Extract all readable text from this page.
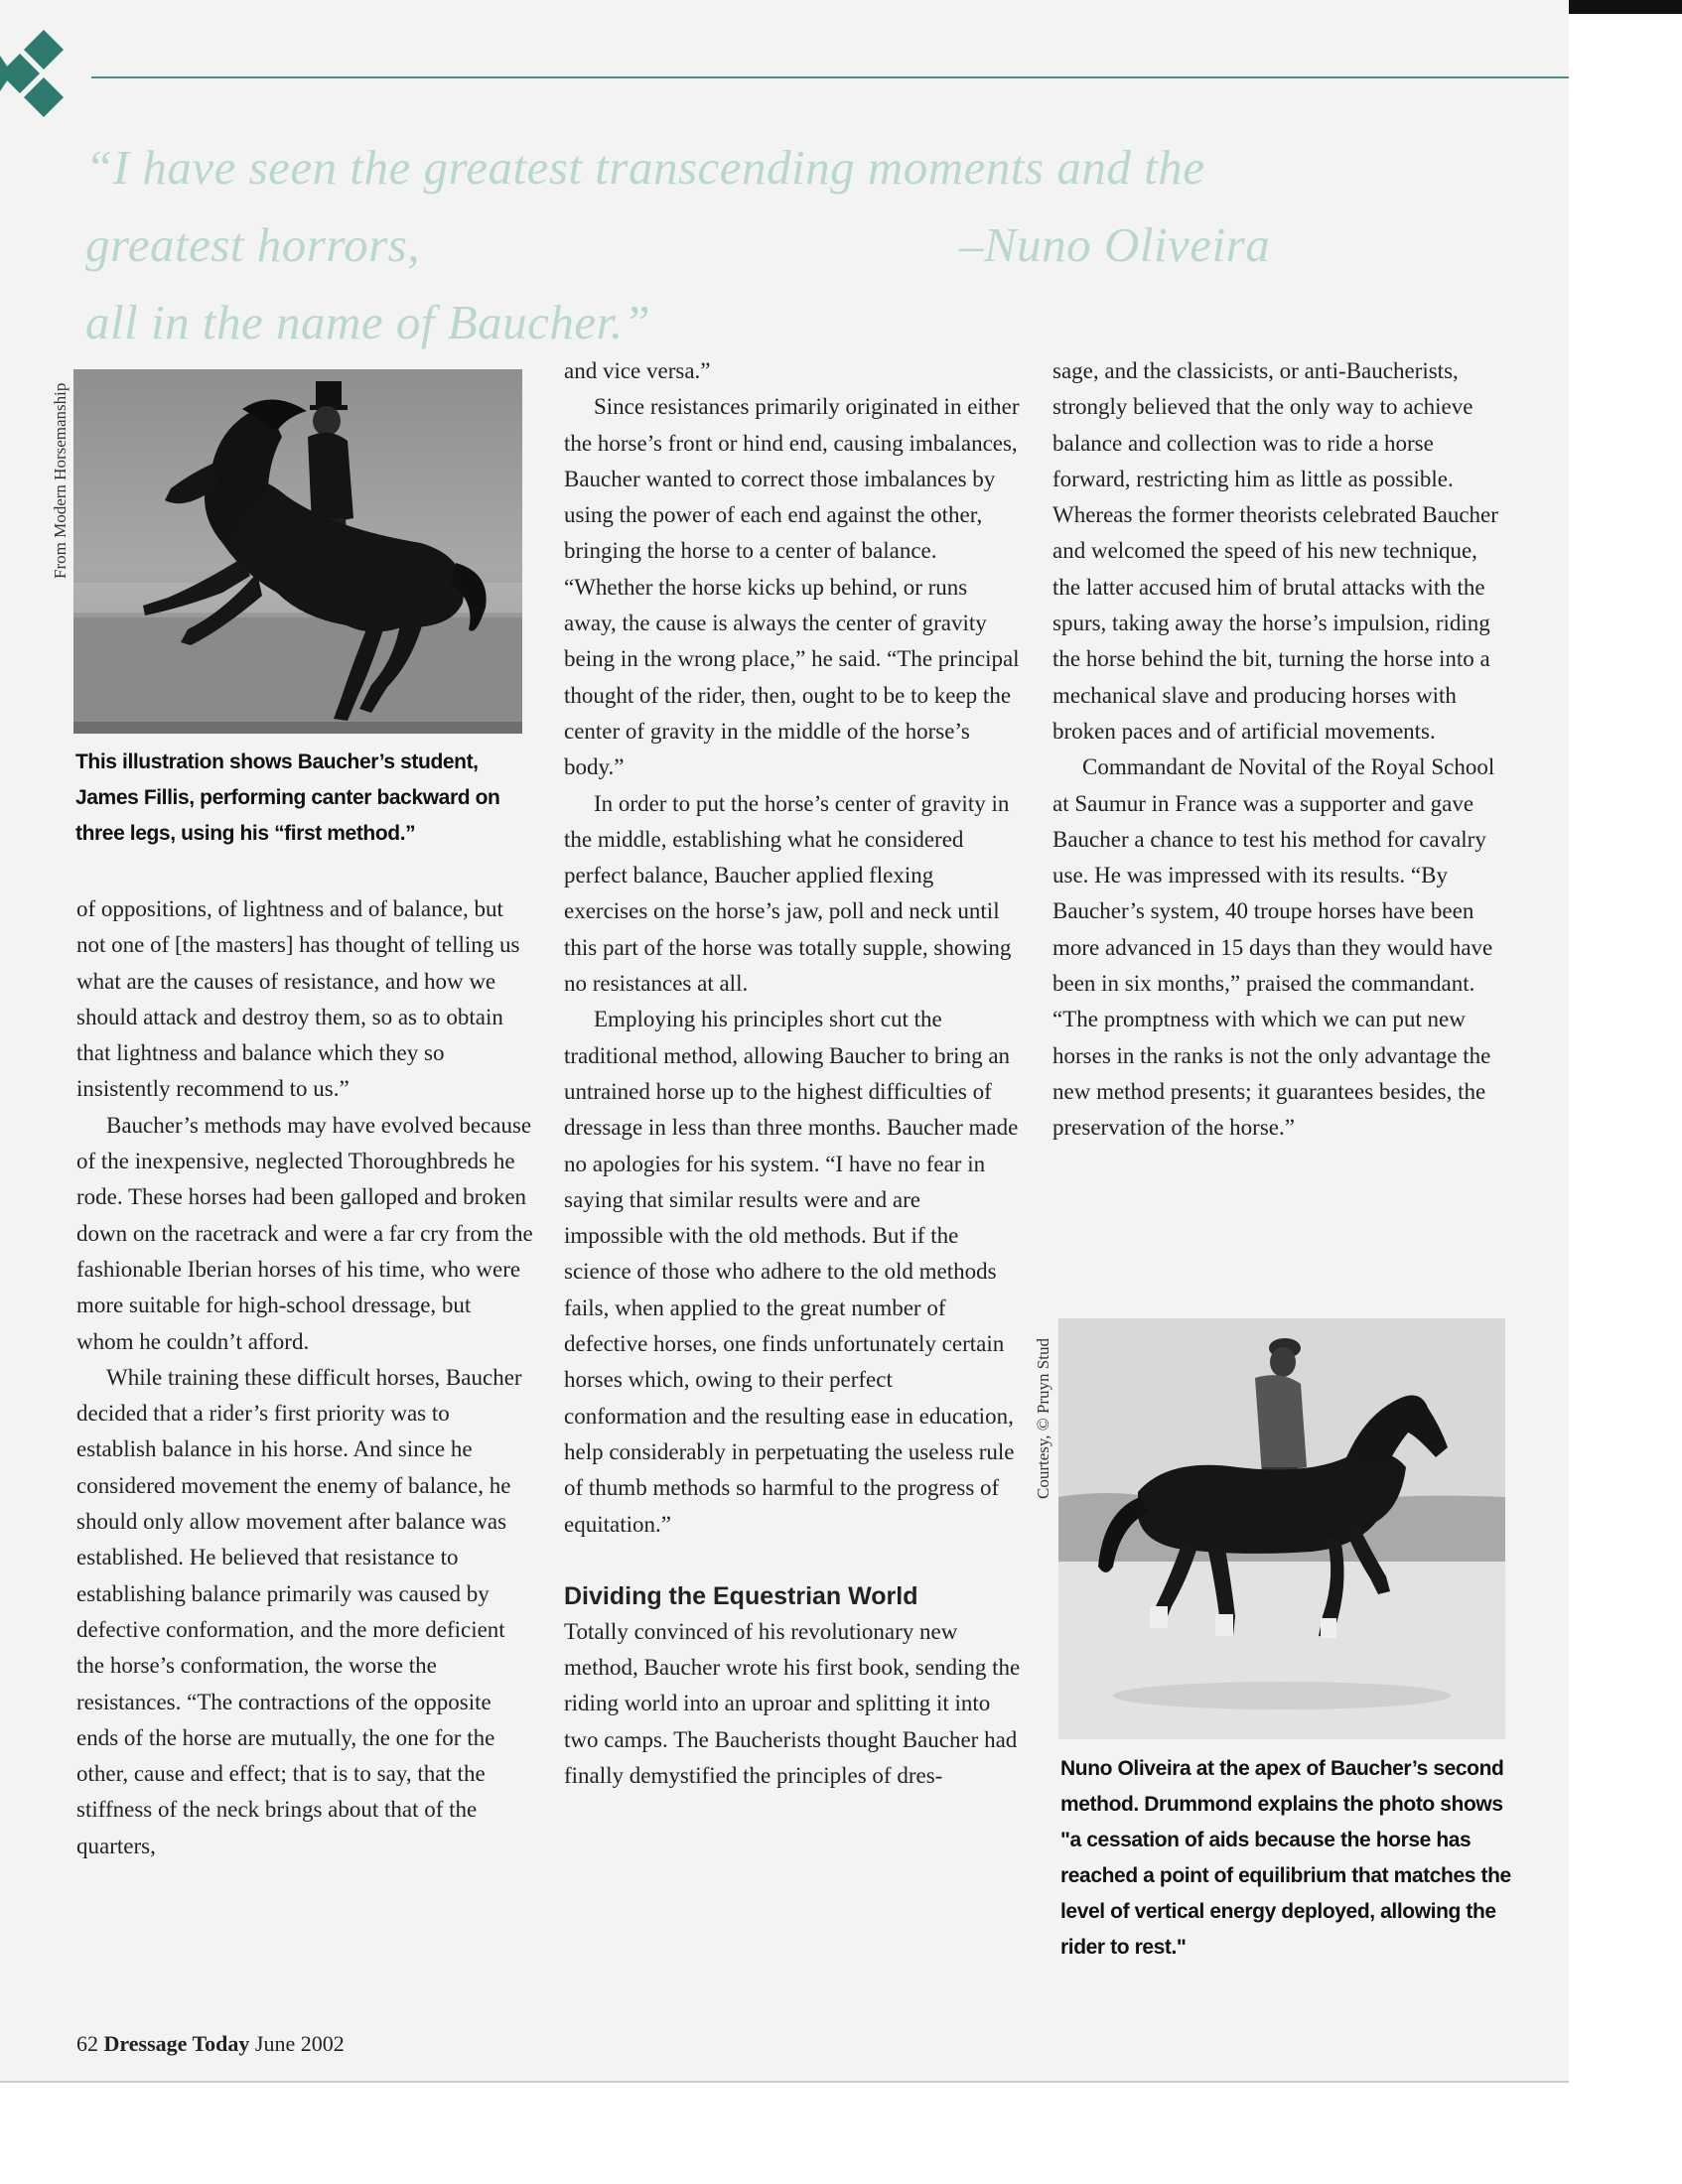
“I have seen the greatest transcending moments and the greatest horrors,
all in the name of Baucher.”
–Nuno Oliveira
From Modern Horsemanship
This illustration shows Baucher’s student, James Fillis, performing canter backward on three legs, using his “first method.”

of oppositions, of lightness and of balance, but not one of [the masters] has thought of telling us what are the causes of resistance, and how we should attack and destroy them, so as to obtain that lightness and balance which they so insistently recommend to us.”

Baucher’s methods may have evolved because of the inexpensive, neglected Thoroughbreds he rode. These horses had been galloped and broken down on the racetrack and were a far cry from the fashionable Iberian horses of his time, who were more suitable for high-school dressage, but whom he couldn’t afford.

While training these difficult horses, Baucher decided that a rider’s first priority was to establish balance in his horse. And since he considered movement the enemy of balance, he should only allow movement after balance was established. He believed that resistance to establishing balance primarily was caused by defective conformation, and the more deficient the horse’s conformation, the worse the resistances. “The contractions of the opposite ends of the horse are mutually, the one for the other, cause and effect; that is to say, that the stiffness of the neck brings about that of the quarters,

and vice versa.”

Since resistances primarily originated in either the horse’s front or hind end, causing imbalances, Baucher wanted to correct those imbalances by using the power of each end against the other, bringing the horse to a center of balance. “Whether the horse kicks up behind, or runs away, the cause is always the center of gravity being in the wrong place,” he said. “The principal thought of the rider, then, ought to be to keep the center of gravity in the middle of the horse’s body.”

In order to put the horse’s center of gravity in the middle, establishing what he considered perfect balance, Baucher applied flexing exercises on the horse’s jaw, poll and neck until this part of the horse was totally supple, showing no resistances at all.

Employing his principles short cut the traditional method, allowing Baucher to bring an untrained horse up to the highest difficulties of dressage in less than three months. Baucher made no apologies for his system. “I have no fear in saying that similar results were and are impossible with the old methods. But if the science of those who adhere to the old methods fails, when applied to the great number of defective horses, one finds unfortunately certain horses which, owing to their perfect conformation and the resulting ease in education, help considerably in perpetuating the useless rule of thumb methods so harmful to the progress of equitation.”

Dividing the Equestrian World

Totally convinced of his revolutionary new method, Baucher wrote his first book, sending the riding world into an uproar and splitting it into two camps. The Baucherists thought Baucher had finally demystified the principles of dres-

sage, and the classicists, or anti-Baucherists, strongly believed that the only way to achieve balance and collection was to ride a horse forward, restricting him as little as possible. Whereas the former theorists celebrated Baucher and welcomed the speed of his new technique, the latter accused him of brutal attacks with the spurs, taking away the horse’s impulsion, riding the horse behind the bit, turning the horse into a mechanical slave and producing horses with broken paces and of artificial movements.

Commandant de Novital of the Royal School at Saumur in France was a supporter and gave Baucher a chance to test his method for cavalry use. He was impressed with its results. “By Baucher’s system, 40 troupe horses have been more advanced in 15 days than they would have been in six months,” praised the commandant. “The promptness with which we can put new horses in the ranks is not the only advantage the new method presents; it guarantees besides, the preservation of the horse.”

Courtesy, © Pruyn Stud
Nuno Oliveira at the apex of Baucher’s second method. Drummond explains the photo shows "a cessation of aids because the horse has reached a point of equilibrium that matches the level of vertical energy deployed, allowing the rider to rest."
62 Dressage Today June 2002
